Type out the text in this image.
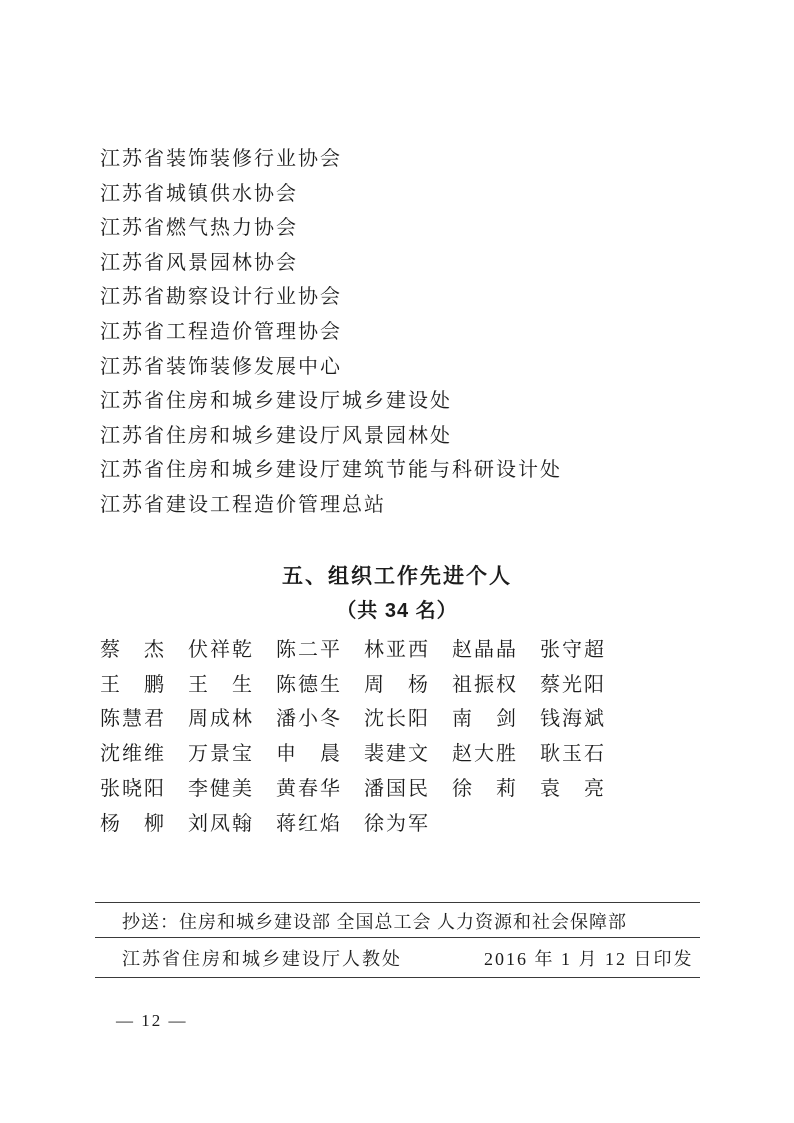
江苏省装饰装修行业协会
江苏省城镇供水协会
江苏省燃气热力协会
江苏省风景园林协会
江苏省勘察设计行业协会
江苏省工程造价管理协会
江苏省装饰装修发展中心
江苏省住房和城乡建设厅城乡建设处
江苏省住房和城乡建设厅风景园林处
江苏省住房和城乡建设厅建筑节能与科研设计处
江苏省建设工程造价管理总站
五、组织工作先进个人
（共 34 名）
蔡　杰 伏祥乾 陈二平 林亚西 赵晶晶 张守超
王　鹏 王　生 陈德生 周　杨 祖振权 蔡光阳
陈慧君 周成林 潘小冬 沈长阳 南　剑 钱海斌
沈维维 万景宝 申　晨 裴建文 赵大胜 耿玉石
张晓阳 李健美 黄春华 潘国民 徐　莉 袁　亮
杨　柳 刘凤翰 蒋红焰 徐为军
抄送：住房和城乡建设部 全国总工会 人力资源和社会保障部
江苏省住房和城乡建设厅人教处	2016 年 1 月 12 日印发
— 12 —
